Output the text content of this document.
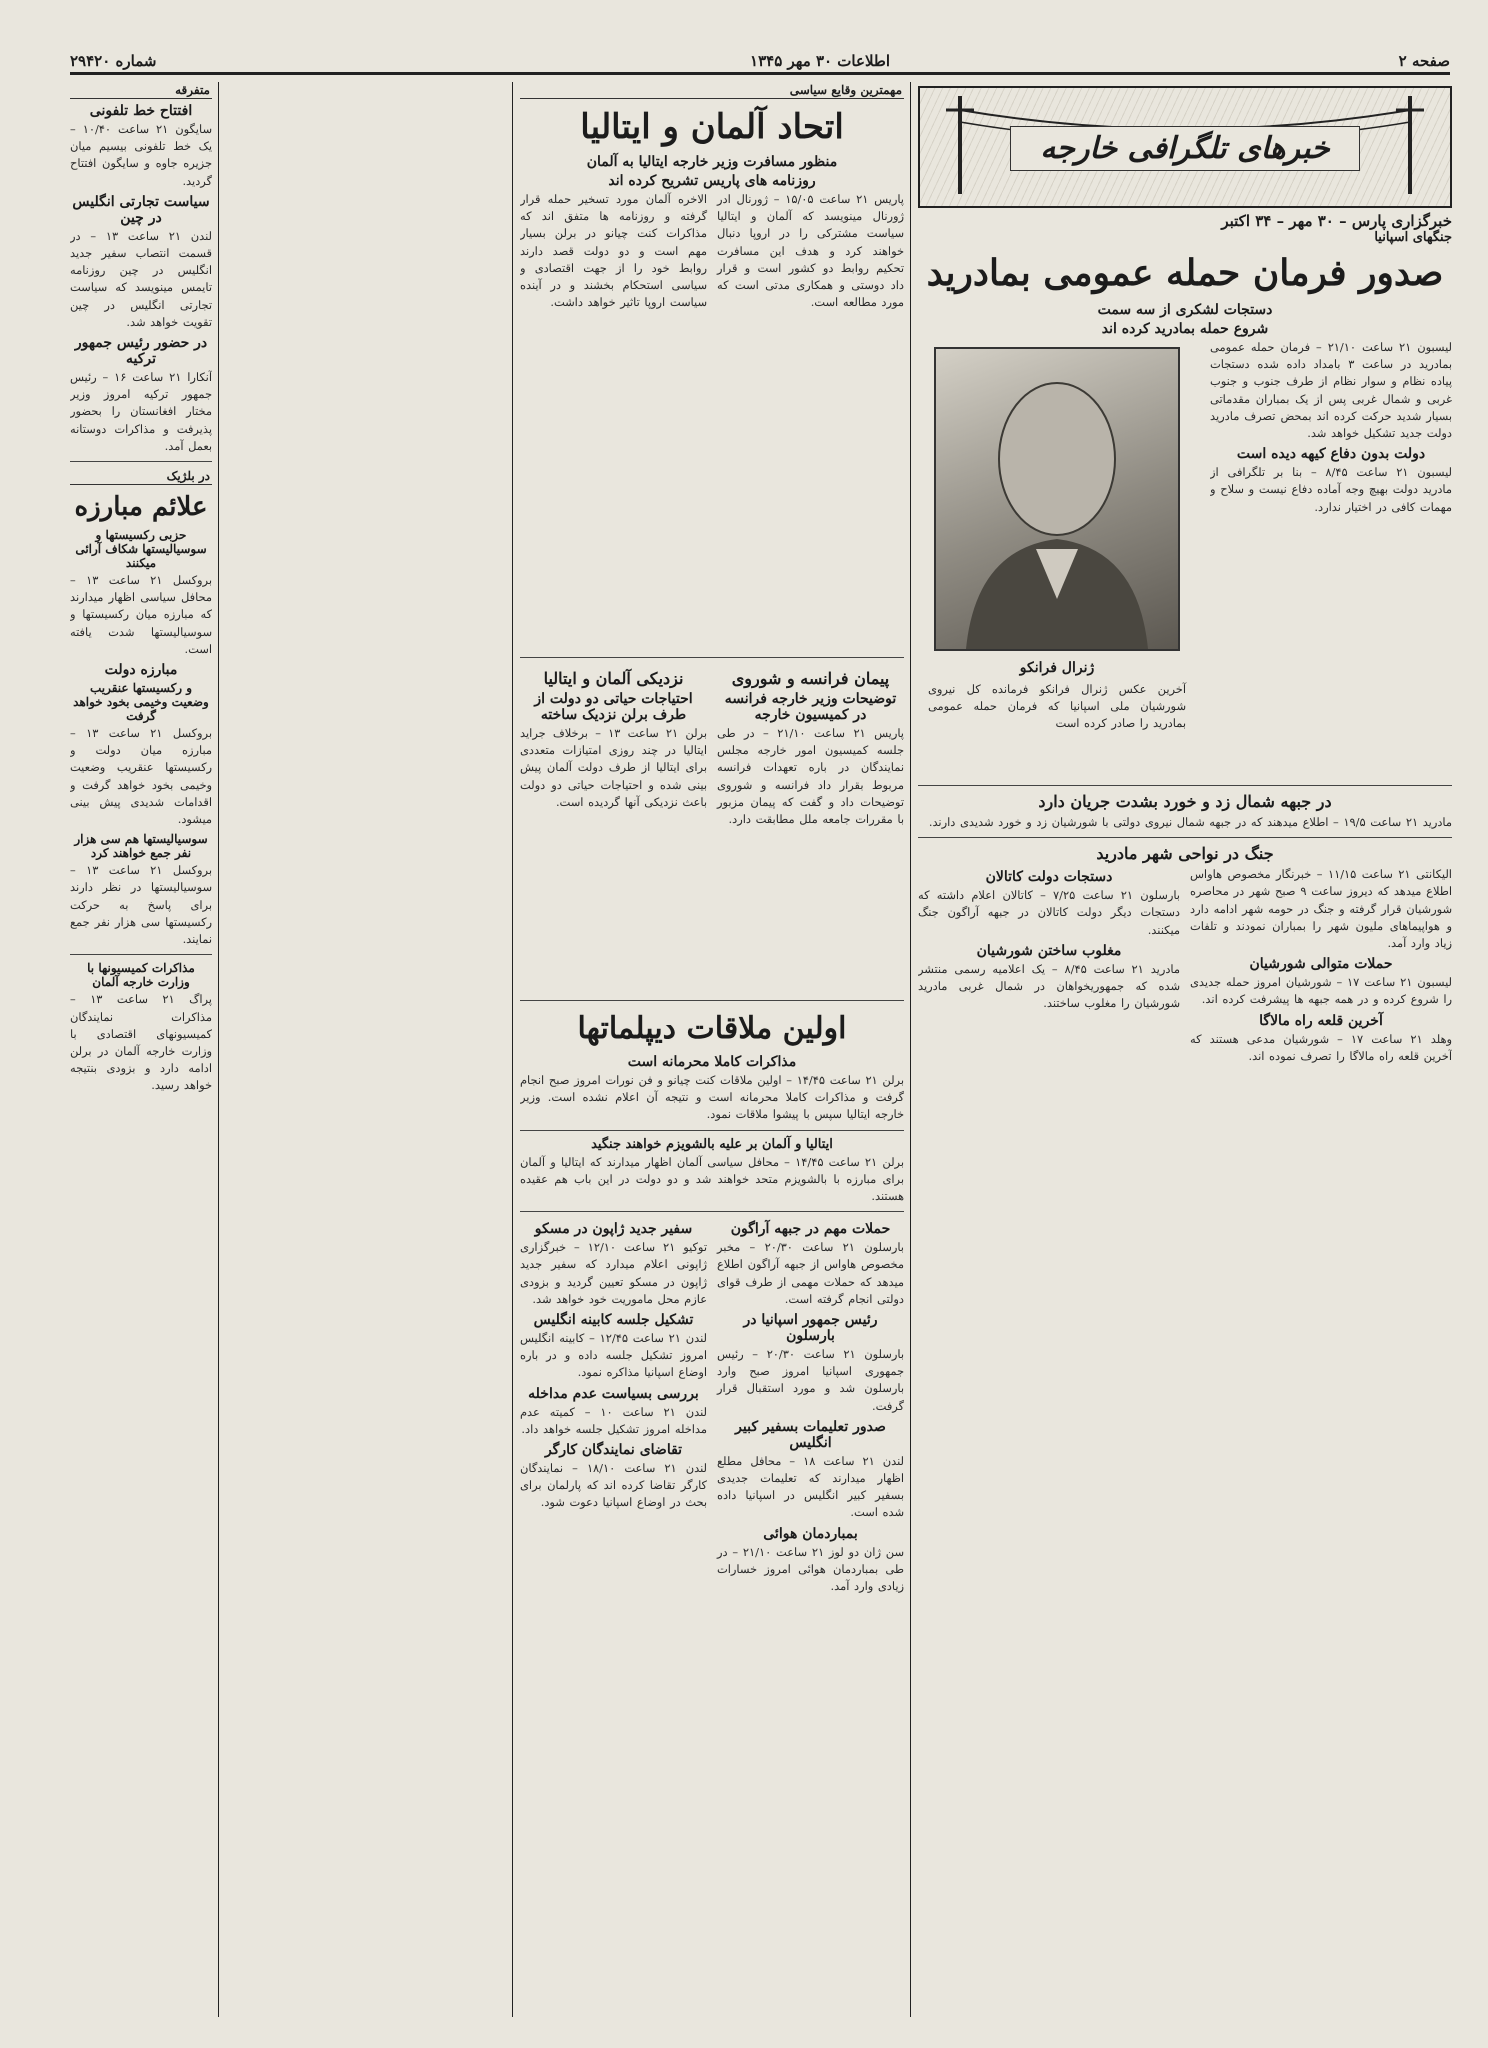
صفحه ۲
اطلاعات ۳۰ مهر ۱۳۴۵
شماره ۲۹۴۲۰
خبرهای تلگرافی خارجه
خبرگزاری پارس – ۳۰ مهر – ۳۴ اکتبر
جنگهای اسپانیا
صدور فرمان حمله عمومی بمادرید
دستجات لشکری از سه سمت
شروع حمله بمادرید کرده اند

لیسبون ۲۱ ساعت ۲۱/۱۰ – فرمان حمله عمومی بمادرید در ساعت ۳ بامداد داده شده دستجات پیاده نظام و سوار نظام از طرف جنوب و جنوب غربی و شمال غربی پس از یک بمباران مقدماتی بسیار شدید حرکت کرده اند بمحض تصرف مادرید دولت جدید تشکیل خواهد شد.

دولت بدون دفاع کیهه دیده است

لیسبون ۲۱ ساعت ۸/۴۵ – بنا بر تلگرافی از مادرید دولت بهیچ وجه آماده دفاع نیست و سلاح و مهمات کافی در اختیار ندارد.

ژنرال فرانکو

آخرین عکس ژنرال فرانکو فرمانده کل نیروی شورشیان ملی اسپانیا که فرمان حمله عمومی بمادرید را صادر کرده است

در جبهه شمال زد و خورد بشدت جریان دارد

مادرید ۲۱ ساعت ۱۹/۵ – اطلاع میدهند که در جبهه شمال نیروی دولتی با شورشیان زد و خورد شدیدی دارند.

جنگ در نواحی شهر مادرید

الیکانتی ۲۱ ساعت ۱۱/۱۵ – خبرنگار مخصوص هاواس اطلاع میدهد که دیروز ساعت ۹ صبح شهر در محاصره شورشیان قرار گرفته و جنگ در حومه شهر ادامه دارد و هواپیماهای ملیون شهر را بمباران نمودند و تلفات زیاد وارد آمد.

حملات متوالی شورشیان

لیسبون ۲۱ ساعت ۱۷ – شورشیان امروز حمله جدیدی را شروع کرده و در همه جبهه ها پیشرفت کرده اند.

آخرین قلعه راه مالاگا

وهلد ۲۱ ساعت ۱۷ – شورشیان مدعی هستند که آخرین قلعه راه مالاگا را تصرف نموده اند.

دستجات دولت کاتالان

بارسلون ۲۱ ساعت ۷/۲۵ – کاتالان اعلام داشته که دستجات دیگر دولت کاتالان در جبهه آراگون جنگ میکنند.

مغلوب ساختن شورشیان

مادرید ۲۱ ساعت ۸/۴۵ – یک اعلامیه رسمی منتشر شده که جمهوریخواهان در شمال غربی مادرید شورشیان را مغلوب ساختند.

مهمترین وقایع سیاسی
اتحاد آلمان و ایتالیا
منظور مسافرت وزیر خارجه ایتالیا به آلمان
روزنامه های پاریس تشریح کرده اند

پاریس ۲۱ ساعت ۱۵/۰۵ – ژورنال ادر ژورنال مینویسد که آلمان و ایتالیا سیاست مشترکی را در اروپا دنبال خواهند کرد و هدف این مسافرت تحکیم روابط دو کشور است و قرار داد دوستی و همکاری مدتی است که مورد مطالعه است.

الاخره آلمان مورد تسخیر حمله قرار گرفته و روزنامه ها متفق اند که مذاکرات کنت چیانو در برلن بسیار مهم است و دو دولت قصد دارند روابط خود را از جهت اقتصادی و سیاسی استحکام بخشند و در آینده سیاست اروپا تاثیر خواهد داشت.

پیمان فرانسه و شوروی
توضیحات وزیر خارجه فرانسه در کمیسیون خارجه

پاریس ۲۱ ساعت ۲۱/۱۰ – در طی جلسه کمیسیون امور خارجه مجلس نمایندگان در باره تعهدات فرانسه مربوط بقرار داد فرانسه و شوروی توضیحات داد و گفت که پیمان مزبور با مقررات جامعه ملل مطابقت دارد.

نزدیکی آلمان و ایتالیا
احتیاجات حیاتی دو دولت از طرف برلن نزدیک ساخته

برلن ۲۱ ساعت ۱۳ – برخلاف جراید ایتالیا در چند روزی امتیازات متعددی برای ایتالیا از طرف دولت آلمان پیش بینی شده و احتیاجات حیاتی دو دولت باعث نزدیکی آنها گردیده است.

اولین ملاقات دیپلماتها
مذاکرات کاملا محرمانه است

برلن ۲۱ ساعت ۱۴/۴۵ – اولین ملاقات کنت چیانو و فن نورات امروز صبح انجام گرفت و مذاکرات کاملا محرمانه است و نتیجه آن اعلام نشده است. وزیر خارجه ایتالیا سپس با پیشوا ملاقات نمود.

ایتالیا و آلمان بر علیه بالشویزم خواهند جنگید

برلن ۲۱ ساعت ۱۴/۴۵ – محافل سیاسی آلمان اظهار میدارند که ایتالیا و آلمان برای مبارزه با بالشویزم متحد خواهند شد و دو دولت در این باب هم عقیده هستند.

حملات مهم در جبهه آراگون

بارسلون ۲۱ ساعت ۲۰/۳۰ – مخبر مخصوص هاواس از جبهه آراگون اطلاع میدهد که حملات مهمی از طرف قوای دولتی انجام گرفته است.

رئیس جمهور اسپانیا در بارسلون

بارسلون ۲۱ ساعت ۲۰/۳۰ – رئیس جمهوری اسپانیا امروز صبح وارد بارسلون شد و مورد استقبال قرار گرفت.

صدور تعلیمات بسفیر کبیر انگلیس

لندن ۲۱ ساعت ۱۸ – محافل مطلع اظهار میدارند که تعلیمات جدیدی بسفیر کبیر انگلیس در اسپانیا داده شده است.

بمباردمان هوائی

سن ژان دو لوز ۲۱ ساعت ۲۱/۱۰ – در طی بمباردمان هوائی امروز خسارات زیادی وارد آمد.

سفیر جدید ژاپون در مسکو

توکیو ۲۱ ساعت ۱۲/۱۰ – خبرگزاری ژاپونی اعلام میدارد که سفیر جدید ژاپون در مسکو تعیین گردید و بزودی عازم محل ماموریت خود خواهد شد.

تشکیل جلسه کابینه انگلیس

لندن ۲۱ ساعت ۱۲/۴۵ – کابینه انگلیس امروز تشکیل جلسه داده و در باره اوضاع اسپانیا مذاکره نمود.

بررسی بسیاست عدم مداخله

لندن ۲۱ ساعت ۱۰ – کمیته عدم مداخله امروز تشکیل جلسه خواهد داد.

تقاضای نمایندگان کارگر

لندن ۲۱ ساعت ۱۸/۱۰ – نمایندگان کارگر تقاضا کرده اند که پارلمان برای بحث در اوضاع اسپانیا دعوت شود.

متفرقه
افتتاح خط تلفونی

سایگون ۲۱ ساعت ۱۰/۴۰ – یک خط تلفونی بیسیم میان جزیره جاوه و سایگون افتتاح گردید.

سیاست تجارتی انگلیس در چین

لندن ۲۱ ساعت ۱۳ – در قسمت انتصاب سفیر جدید انگلیس در چین روزنامه تایمس مینویسد که سیاست تجارتی انگلیس در چین تقویت خواهد شد.

در حضور رئیس جمهور ترکیه

آنکارا ۲۱ ساعت ۱۶ – رئیس جمهور ترکیه امروز وزیر مختار افغانستان را بحضور پذیرفت و مذاکرات دوستانه بعمل آمد.

در بلژیک
علائم مبارزه
حزبی رکسیستها و سوسیالیستها شکاف آرائی میکنند

بروکسل ۲۱ ساعت ۱۳ – محافل سیاسی اظهار میدارند که مبارزه میان رکسیستها و سوسیالیستها شدت یافته است.

مبارزه دولت
و رکسیستها عنقریب وضعیت وخیمی بخود خواهد گرفت

بروکسل ۲۱ ساعت ۱۳ – مبارزه میان دولت و رکسیستها عنقریب وضعیت وخیمی بخود خواهد گرفت و اقدامات شدیدی پیش بینی میشود.

سوسیالیستها هم سی هزار نفر جمع خواهند کرد

بروکسل ۲۱ ساعت ۱۳ – سوسیالیستها در نظر دارند برای پاسخ به حرکت رکسیستها سی هزار نفر جمع نمایند.

مذاکرات کمیسیونها با وزارت خارجه آلمان

پراگ ۲۱ ساعت ۱۳ – مذاکرات نمایندگان کمیسیونهای اقتصادی با وزارت خارجه آلمان در برلن ادامه دارد و بزودی بنتیجه خواهد رسید.
